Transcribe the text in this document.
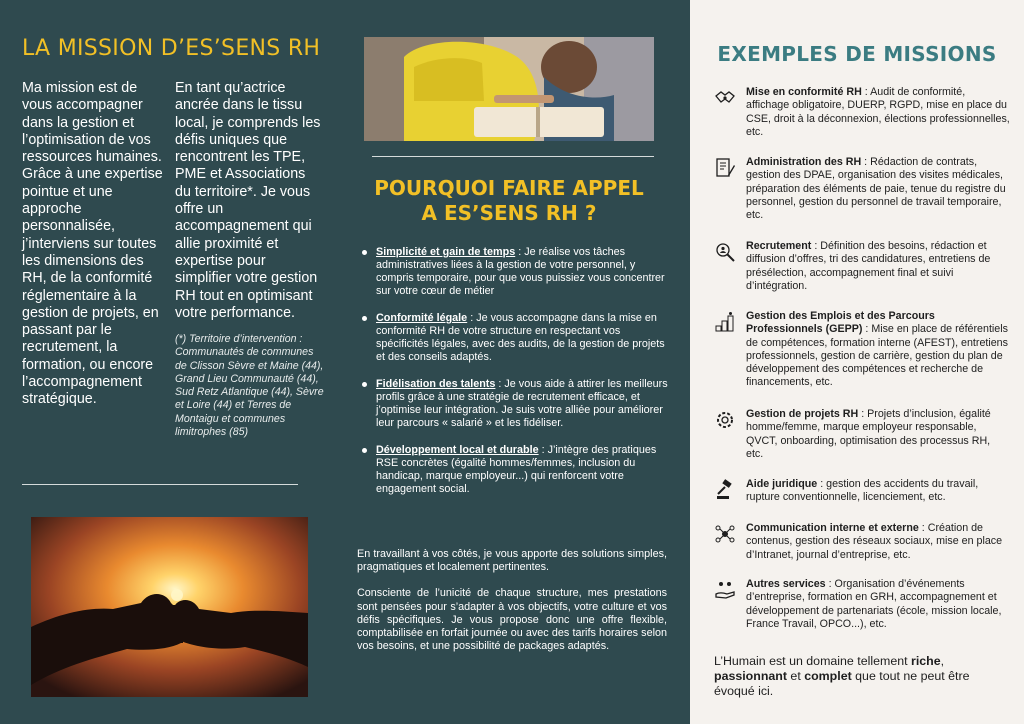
LA MISSION D’ES’SENS RH

Ma mission est de vous accompagner dans la gestion et l’optimisation de vos ressources humaines. Grâce à une expertise pointue et une approche personnalisée, j’interviens sur toutes les dimensions des RH, de la conformité réglementaire à la gestion de projets, en passant par le recrutement, la formation, ou encore l’accompagnement stratégique.

En tant qu’actrice ancrée dans le tissu local, je comprends les défis uniques que rencontrent les TPE, PME et Associations du territoire*. Je vous offre un accompagnement qui allie proximité et expertise pour simplifier votre gestion RH tout en optimisant votre performance.

(*) Territoire d’intervention : Communautés de communes de Clisson Sèvre et Maine (44), Grand Lieu Communauté (44), Sud Retz Atlantique (44), Sèvre et Loire (44) et Terres de Montaigu et communes limitrophes (85)

POURQUOI FAIRE APPEL
A ES’SENS RH ?
Simplicité et gain de temps : Je réalise vos tâches administratives liées à la gestion de votre personnel, y compris temporaire, pour que vous puissiez vous concentrer sur votre cœur de métier
Conformité légale : Je vous accompagne dans la mise en conformité RH de votre structure en respectant vos spécificités légales, avec des audits, de la gestion de projets et des conseils adaptés.
Fidélisation des talents : Je vous aide à attirer les meilleurs profils grâce à une stratégie de recrutement efficace, et j’optimise leur intégration. Je suis votre alliée pour améliorer leur parcours « salarié » et les fidéliser.
Développement local et durable : J’intègre des pratiques RSE concrètes (égalité hommes/femmes, inclusion du handicap, marque employeur...) qui renforcent votre engagement social.

En travaillant à vos côtés, je vous apporte des solutions simples, pragmatiques et localement pertinentes.

Consciente de l’unicité de chaque structure, mes prestations sont pensées pour s’adapter à vos objectifs, votre culture et vos défis spécifiques. Je vous propose donc une offre flexible, comptabilisée en forfait journée ou avec des tarifs horaires selon vos besoins, et une possibilité de packages adaptés.

EXEMPLES DE MISSIONS
Mise en conformité RH : Audit de conformité, affichage obligatoire, DUERP, RGPD, mise en place du CSE, droit à la déconnexion, élections professionnelles, etc.
Administration des RH : Rédaction de contrats, gestion des DPAE, organisation des visites médicales, préparation des éléments de paie, tenue du registre du personnel, gestion du personnel de travail temporaire, etc.
Recrutement : Définition des besoins, rédaction et diffusion d’offres, tri des candidatures, entretiens de présélection, accompagnement final et suivi d’intégration.
Gestion des Emplois et des Parcours Professionnels (GEPP) : Mise en place de référentiels de compétences, formation interne (AFEST), entretiens professionnels, gestion de carrière, gestion du plan de développement des compétences et recherche de financements, etc.
Gestion de projets RH : Projets d’inclusion, égalité homme/femme, marque employeur responsable, QVCT, onboarding, optimisation des processus RH, etc.
Aide juridique : gestion des accidents du travail, rupture conventionnelle, licenciement, etc.
Communication interne et externe : Création de contenus, gestion des réseaux sociaux, mise en place d’Intranet, journal d’entreprise, etc.
Autres services : Organisation d’événements d’entreprise, formation en GRH, accompagnement et développement de partenariats (école, mission locale, France Travail, OPCO...), etc.

L’Humain est un domaine tellement riche, passionnant et complet que tout ne peut être évoqué ici.
